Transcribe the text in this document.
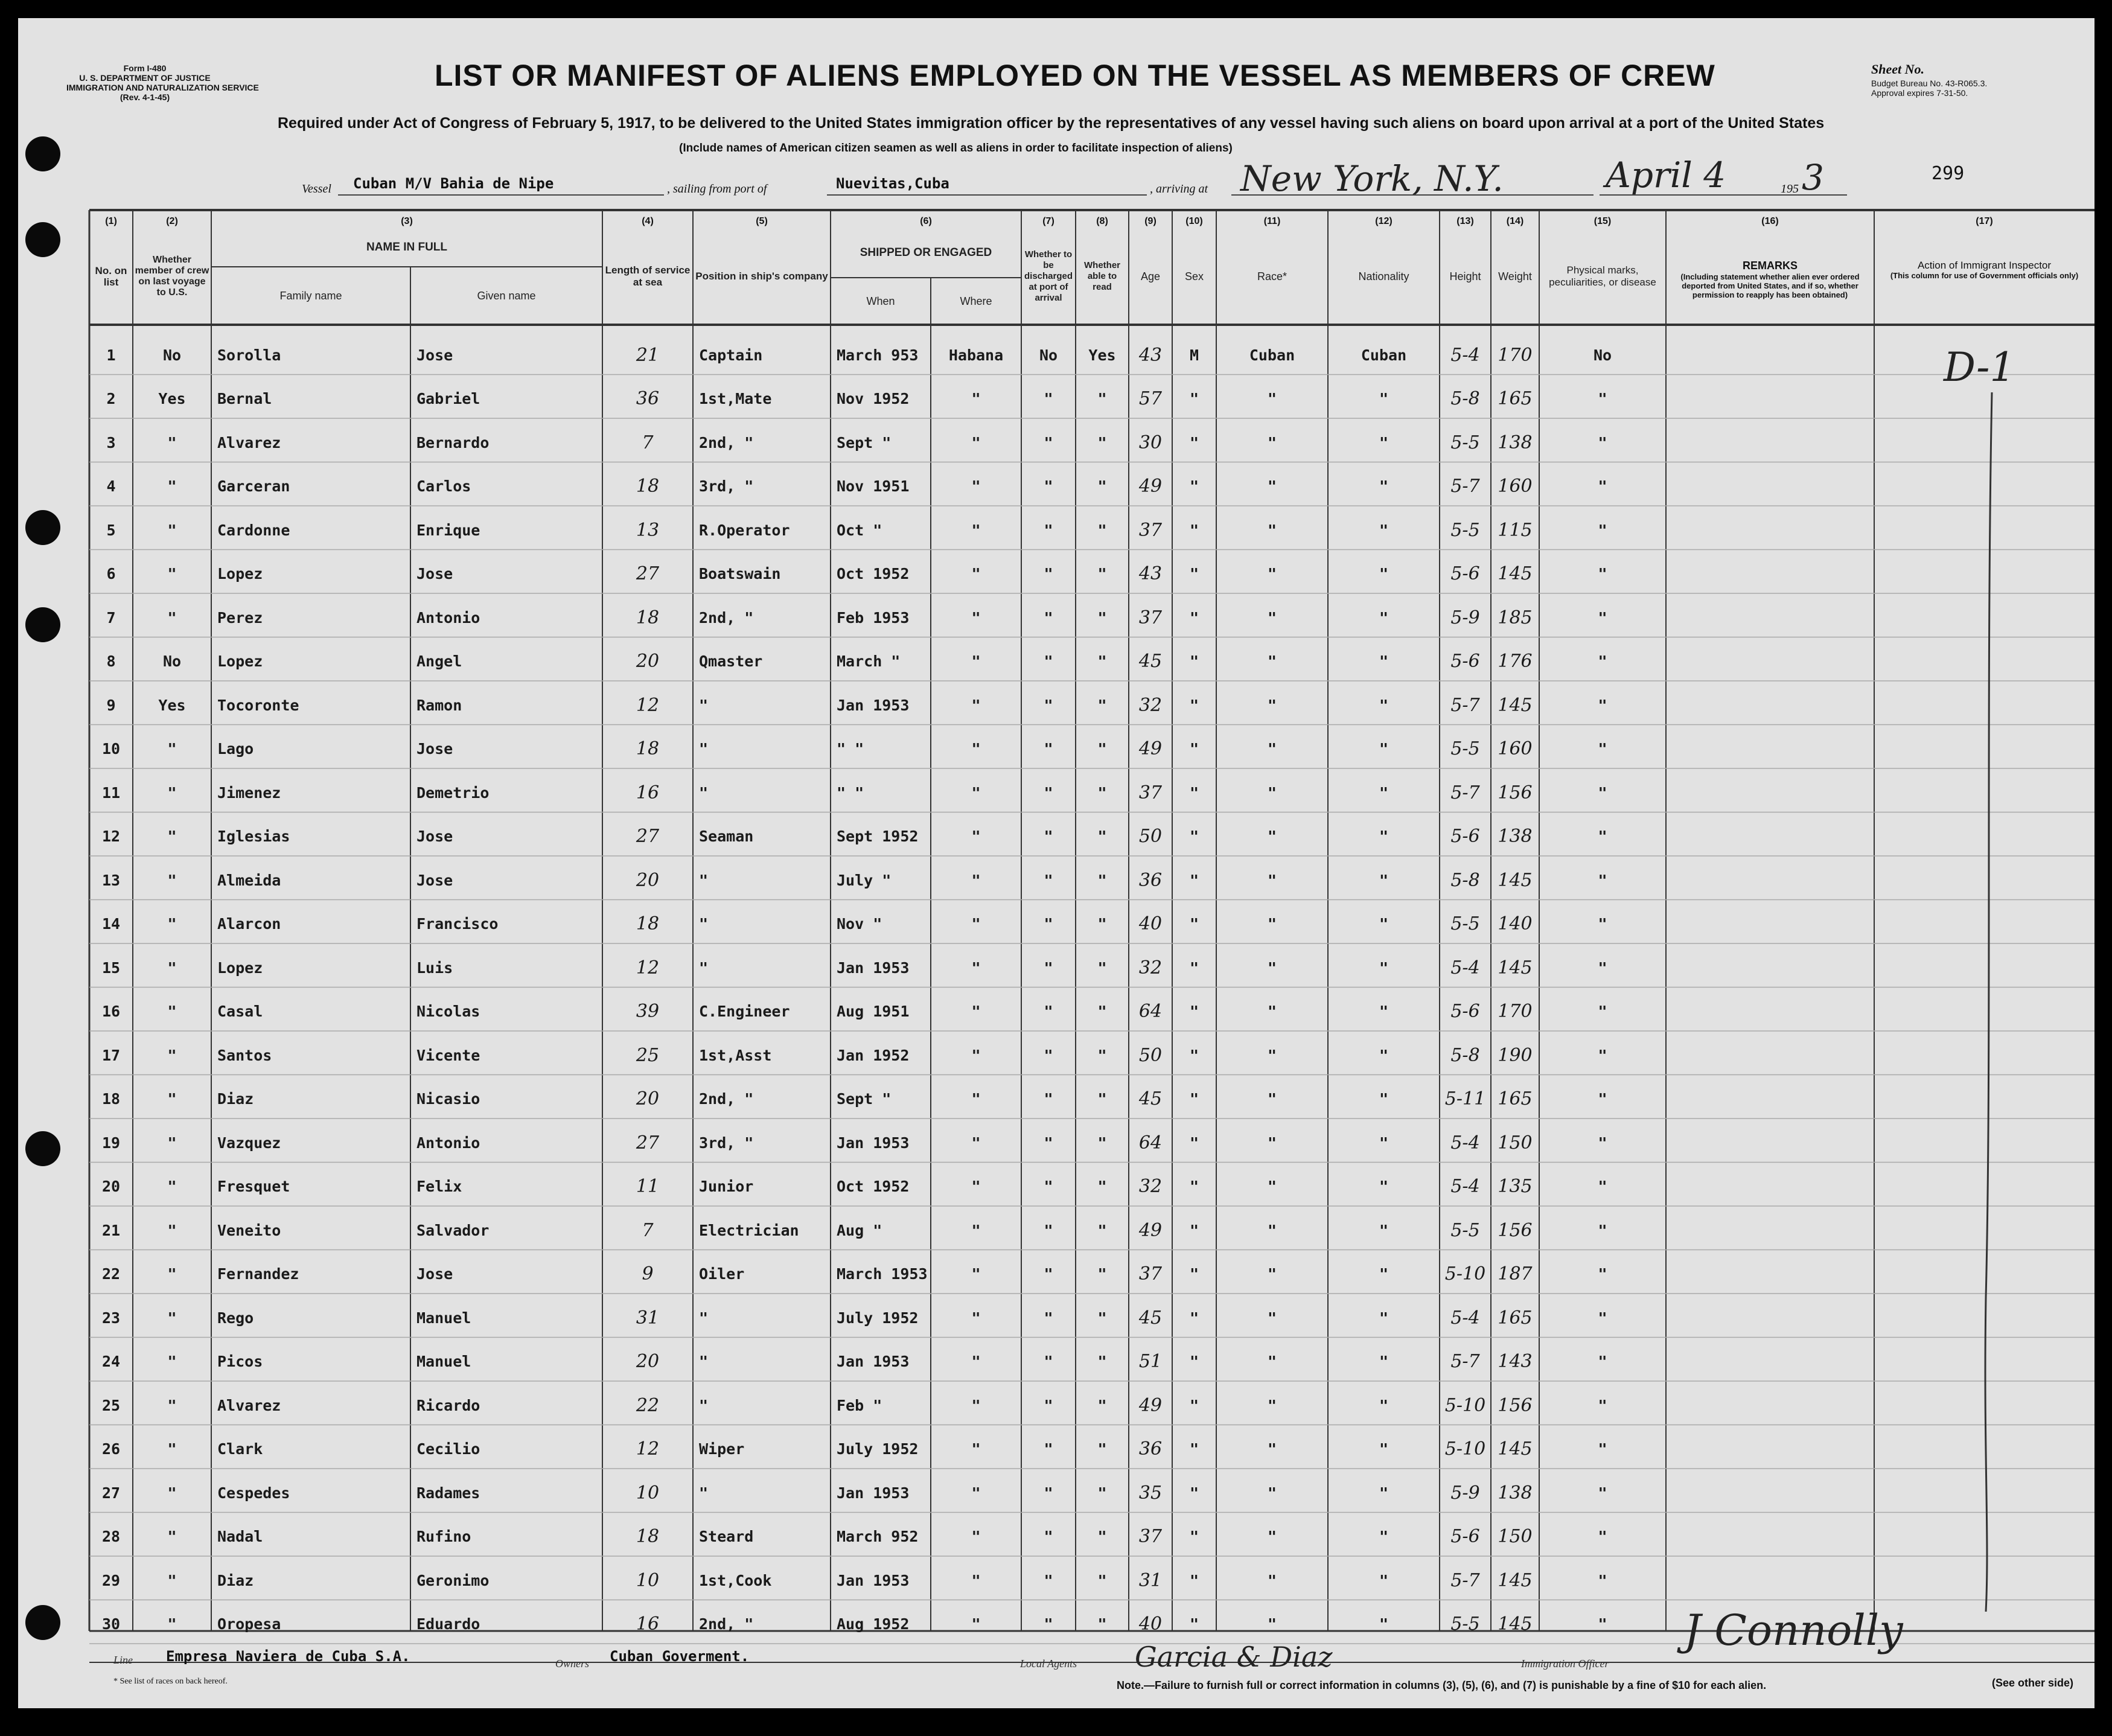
Form I-480
U. S. DEPARTMENT OF JUSTICE
IMMIGRATION AND NATURALIZATION SERVICE
(Rev. 4-1-45)
LIST OR MANIFEST OF ALIENS EMPLOYED ON THE VESSEL AS MEMBERS OF CREW	Sheet No.
Budget Bureau No. 43-R065.3.
Approval expires 7-31-50.
Required under Act of Congress of February 5, 1917, to be delivered to the United States immigration officer by the representatives of any vessel having such aliens on board upon arrival at a port of the United States
(Include names of American citizen seamen as well as aliens in order to facilitate inspection of aliens)
Vessel Cuban M/V Bahia de Nipe	, sailing from port of	Nuevitas,Cuba	, arriving at New York, N.Y.	April 4	195 3	299
(1)	(2)	(3)	(4)	(5)	(6)	(7)	(8)	(9)	(10)	(11)	(12)	(13)	(14)	(15)	(16)	(17)
No. on list
Whether member of crew on last voyage to U.S.
NAME IN FULL
Family name	Given name
Length of service at sea
Position in ship's company
SHIPPED OR ENGAGED
When	Where
Whether to be discharged at port of arrival
Whether able to read
Age	Sex	Race*	Nationality	Height	Weight	Physical marks, peculiarities, or disease
REMARKS
(Including statement whether alien ever ordered deported from United States, and if so, whether permission to reapply has been obtained)
Action of Immigrant Inspector
(This column for use of Government officials only)
1	No	Sorolla	Jose	21	Captain	March 953	Habana	No	Yes	43	M	Cuban	Cuban	5-4 170	No
2	Yes	Bernal	Gabriel	36	1st,Mate	Nov 1952	"	"	"	57	"	"	"	5-8 165	"
3	"	Alvarez	Bernardo	7	2nd, "	Sept "	"	"	"	30	"	"	"	5-5 138	"
4	"	Garceran	Carlos	18	3rd, "	Nov 1951	"	"	"	49	"	"	"	5-7 160	"
5	"	Cardonne	Enrique	13	R.Operator	Oct "	"	"	"	37	"	"	"	5-5 115	"
6	"	Lopez	Jose	27	Boatswain	Oct 1952	"	"	"	43	"	"	"	5-6 145	"
7	"	Perez	Antonio	18	2nd, "	Feb 1953	"	"	"	37	"	"	"	5-9 185	"
8	No	Lopez	Angel	20	Qmaster	March "	"	"	"	45	"	"	"	5-6 176	"
9	Yes	Tocoronte	Ramon	12	"	Jan 1953	"	"	"	32	"	"	"	5-7 145	"
10	"	Lago	Jose	18	"	" "	"	"	"	49	"	"	"	5-5 160	"
11	"	Jimenez	Demetrio	16	"	" "	"	"	"	37	"	"	"	5-7 156	"
12	"	Iglesias	Jose	27	Seaman	Sept 1952	"	"	"	50	"	"	"	5-6 138	"
13	"	Almeida	Jose	20	"	July "	"	"	"	36	"	"	"	5-8 145	"
14	"	Alarcon	Francisco	18	"	Nov "	"	"	"	40	"	"	"	5-5 140	"
15	"	Lopez	Luis	12	"	Jan 1953	"	"	"	32	"	"	"	5-4 145	"
16	"	Casal	Nicolas	39	C.Engineer	Aug 1951	"	"	"	64	"	"	"	5-6 170	"
17	"	Santos	Vicente	25	1st,Asst	Jan 1952	"	"	"	50	"	"	"	5-8 190	"
18	"	Diaz	Nicasio	20	2nd, "	Sept "	"	"	"	45	"	"	"	5-11 165	"
19	"	Vazquez	Antonio	27	3rd, "	Jan 1953	"	"	"	64	"	"	"	5-4 150	"
20	"	Fresquet	Felix	11	Junior	Oct 1952	"	"	"	32	"	"	"	5-4 135	"
21	"	Veneito	Salvador	7	Electrician	Aug "	"	"	"	49	"	"	"	5-5 156	"
22	"	Fernandez	Jose	9	Oiler	March 1953	"	"	"	37	"	"	"	5-10 187	"
23	"	Rego	Manuel	31	"	July 1952	"	"	"	45	"	"	"	5-4 165	"
24	"	Picos	Manuel	20	"	Jan 1953	"	"	"	51	"	"	"	5-7 143	"
25	"	Alvarez	Ricardo	22	"	Feb "	"	"	"	49	"	"	"	5-10 156	"
26	"	Clark	Cecilio	12	Wiper	July 1952	"	"	"	36	"	"	"	5-10 145	"
27	"	Cespedes	Radames	10	"	Jan 1953	"	"	"	35	"	"	"	5-9 138	"
28	"	Nadal	Rufino	18	Steard	March 952	"	"	"	37	"	"	"	5-6 150	"
29	"	Diaz	Geronimo	10	1st,Cook	Jan 1953	"	"	"	31	"	"	"	5-7 145	"
30	"	Oropesa	Eduardo	16	2nd, "	Aug 1952	"	"	"	40	"	"	"	5-5 145	"
D-1
Line Empresa Naviera de Cuba S.A.	Owners Cuban Goverment.	Local Agents Garcia & Diaz	Immigration Officer
J Connolly
* See list of races on back hereof.	Note.—Failure to furnish full or correct information in columns (3), (5), (6), and (7) is punishable by a fine of $10 for each alien.	(See other side)
